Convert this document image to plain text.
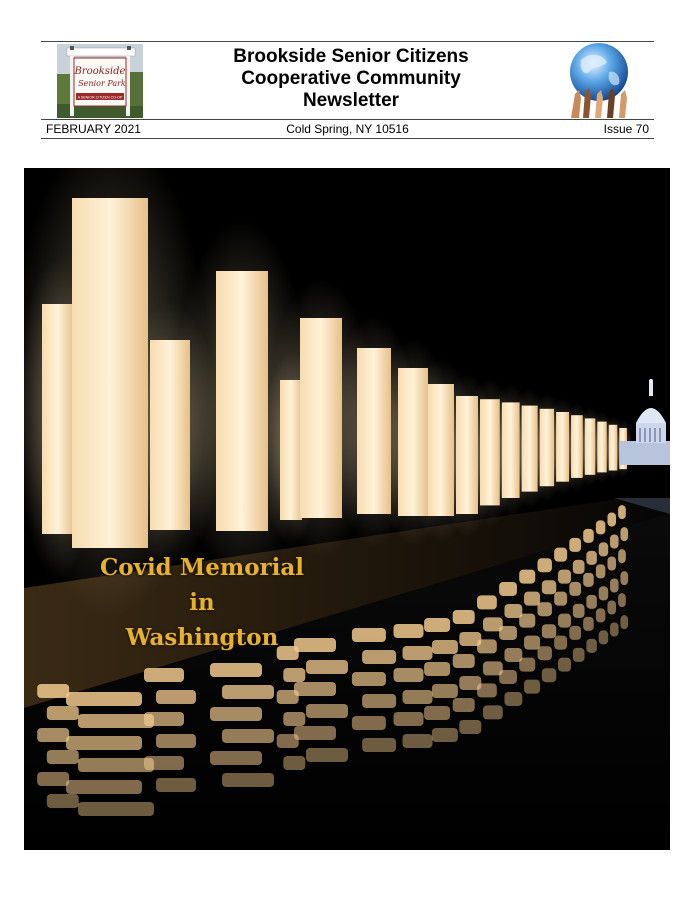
Brookside
Senior Park
A SENIOR CITIZEN CO-OP
Brookside Senior Citizens
Cooperative Community
Newsletter
FEBRUARY 2021	Cold Spring, NY 10516	Issue 70
Covid Memorial
in
Washington
